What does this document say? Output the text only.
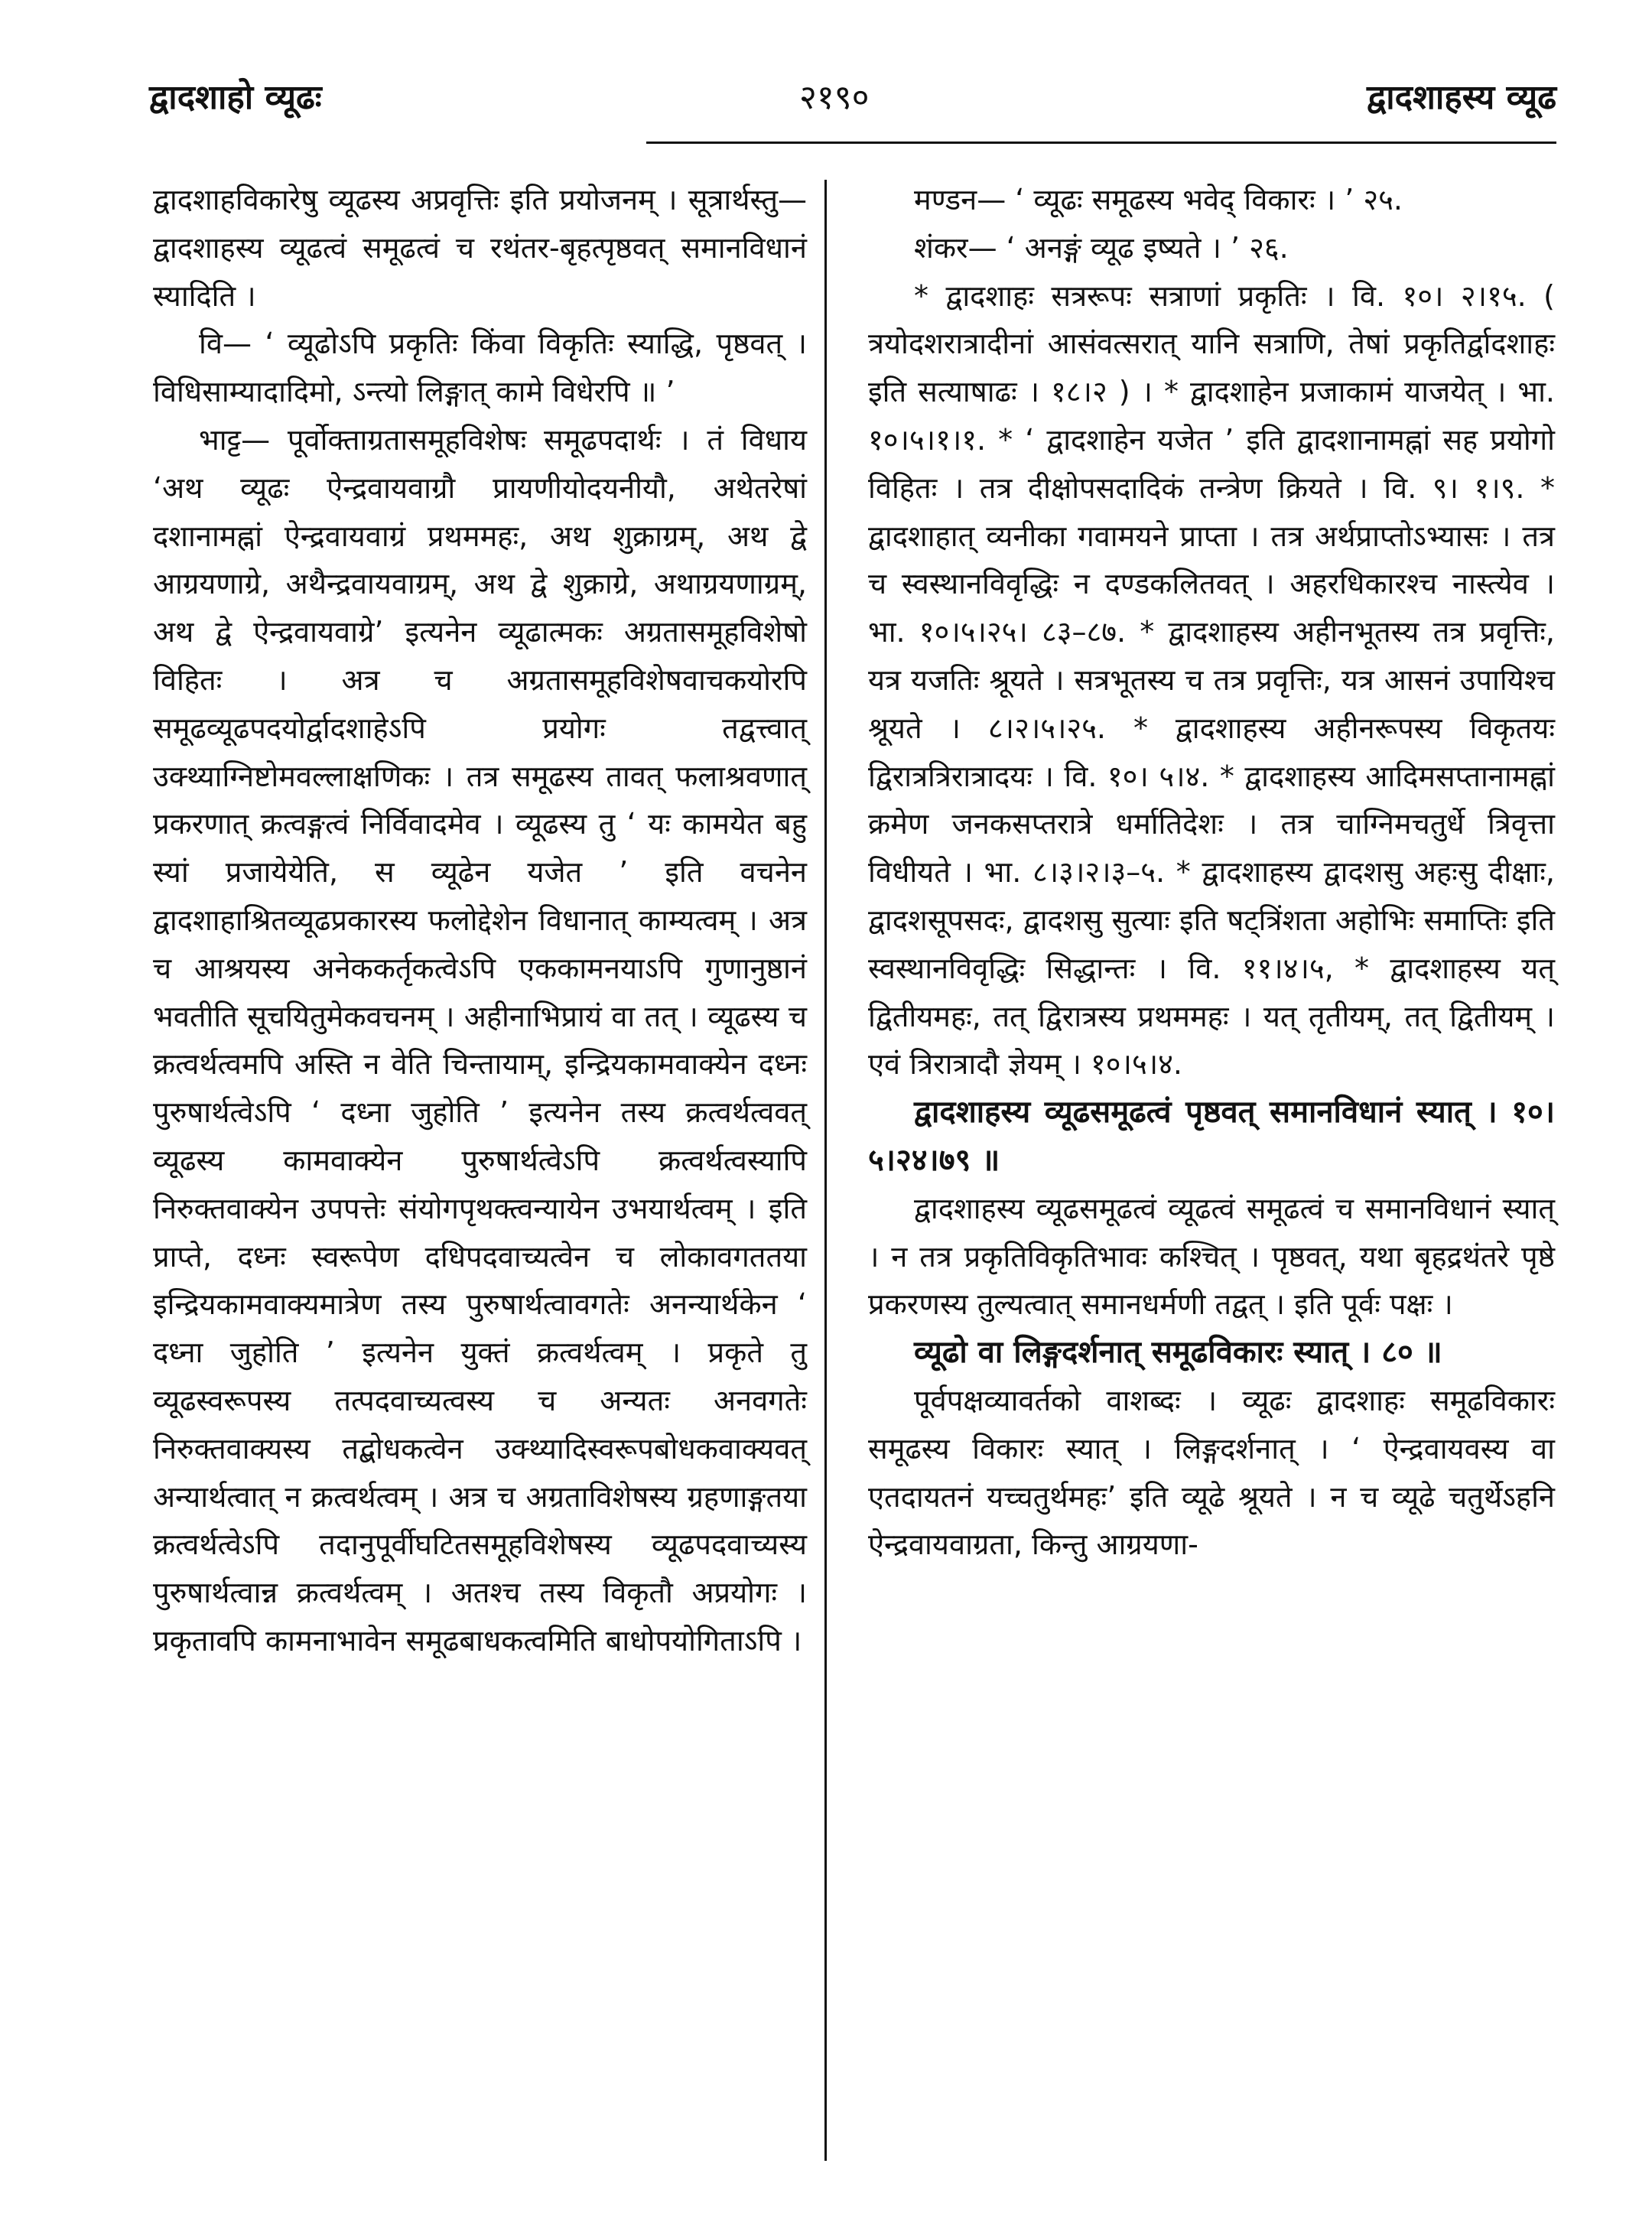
द्वादशाहो व्यूढः	२१९०	द्वादशाहस्य व्यूढ

द्वादशाहविकारेषु व्यूढस्य अप्रवृत्तिः इति प्रयोजनम् । सूत्रार्थस्तु— द्वादशाहस्य व्यूढत्वं समूढत्वं च रथंतर-बृहत्पृष्ठवत् समानविधानं स्यादिति ।

वि— ‘ व्यूढोऽपि प्रकृतिः किंवा विकृतिः स्याद्धि, पृष्ठवत् । विधिसाम्यादादिमो, ऽन्त्यो लिङ्गात् कामे विधेरपि ॥ ’

भाट्ट— पूर्वोक्ताग्रतासमूहविशेषः समूढपदार्थः । तं विधाय ‘अथ व्यूढः ऐन्द्रवायवाग्रौ प्रायणीयोदयनीयौ, अथेतरेषां दशानामह्नां ऐन्द्रवायवाग्रं प्रथममहः, अथ शुक्राग्रम्, अथ द्वे आग्रयणाग्रे, अथैन्द्रवायवाग्रम्, अथ द्वे शुक्राग्रे, अथाग्रयणाग्रम्, अथ द्वे ऐन्द्रवायवाग्रे’ इत्यनेन व्यूढात्मकः अग्रतासमूहविशेषो विहितः । अत्र च अग्रतासमूहविशेषवाचकयोरपि समूढव्यूढपदयोर्द्वादशाहेऽपि प्रयोगः तद्वत्त्वात् उक्थ्याग्निष्टोमवल्लाक्षणिकः । तत्र समूढस्य तावत् फलाश्रवणात् प्रकरणात् क्रत्वङ्गत्वं निर्विवादमेव । व्यूढस्य तु ‘ यः कामयेत बहु स्यां प्रजायेयेति, स व्यूढेन यजेत ’ इति वचनेन द्वादशाहाश्रितव्यूढप्रकारस्य फलोद्देशेन विधानात् काम्यत्वम् । अत्र च आश्रयस्य अनेककर्तृकत्वेऽपि एककामनयाऽपि गुणानुष्ठानं भवतीति सूचयितुमेकवचनम् । अहीनाभिप्रायं वा तत् । व्यूढस्य च क्रत्वर्थत्वमपि अस्ति न वेति चिन्तायाम्, इन्द्रियकामवाक्येन दध्नः पुरुषार्थत्वेऽपि ‘ दध्ना जुहोति ’ इत्यनेन तस्य क्रत्वर्थत्ववत् व्यूढस्य कामवाक्येन पुरुषार्थत्वेऽपि क्रत्वर्थत्वस्यापि निरुक्तवाक्येन उपपत्तेः संयोगपृथक्त्वन्यायेन उभयार्थत्वम् । इति प्राप्ते, दध्नः स्वरूपेण दधिपदवाच्यत्वेन च लोकावगततया इन्द्रियकामवाक्यमात्रेण तस्य पुरुषार्थत्वावगतेः अनन्यार्थकेन ‘ दध्ना जुहोति ’ इत्यनेन युक्तं क्रत्वर्थत्वम् । प्रकृते तु व्यूढस्वरूपस्य तत्पदवाच्यत्वस्य च अन्यतः अनवगतेः निरुक्तवाक्यस्य तद्बोधकत्वेन उक्थ्यादिस्वरूपबोधकवाक्यवत् अन्यार्थत्वात् न क्रत्वर्थत्वम् । अत्र च अग्रताविशेषस्य ग्रहणाङ्गतया क्रत्वर्थत्वेऽपि तदानुपूर्वीघटितसमूहविशेषस्य व्यूढपदवाच्यस्य पुरुषार्थत्वान्न क्रत्वर्थत्वम् । अतश्च तस्य विकृतौ अप्रयोगः । प्रकृतावपि कामनाभावेन समूढबाधकत्वमिति बाधोपयोगिताऽपि ।

मण्डन— ‘ व्यूढः समूढस्य भवेद् विकारः । ’ २५.

शंकर— ‘ अनङ्गं व्यूढ इष्यते । ’ २६.

* द्वादशाहः सत्ररूपः सत्राणां प्रकृतिः । वि. १०। २।१५. ( त्रयोदशरात्रादीनां आसंवत्सरात् यानि सत्राणि, तेषां प्रकृतिर्द्वादशाहः इति सत्याषाढः । १८।२ ) । * द्वादशाहेन प्रजाकामं याजयेत् । भा. १०।५।१।१. * ‘ द्वादशाहेन यजेत ’ इति द्वादशानामह्नां सह प्रयोगो विहितः । तत्र दीक्षोपसदादिकं तन्त्रेण क्रियते । वि. ९। १।९. * द्वादशाहात् व्यनीका गवामयने प्राप्ता । तत्र अर्थप्राप्तोऽभ्यासः । तत्र च स्वस्थानविवृद्धिः न दण्डकलितवत् । अहरधिकारश्च नास्त्येव । भा. १०।५।२५। ८३–८७. * द्वादशाहस्य अहीनभूतस्य तत्र प्रवृत्तिः, यत्र यजतिः श्रूयते । सत्रभूतस्य च तत्र प्रवृत्तिः, यत्र आसनं उपायिश्च श्रूयते । ८।२।५।२५. * द्वादशाहस्य अहीनरूपस्य विकृतयः द्विरात्रत्रिरात्रादयः । वि. १०। ५।४. * द्वादशाहस्य आदिमसप्तानामह्नां क्रमेण जनकसप्तरात्रे धर्मातिदेशः । तत्र चाग्निमचतुर्धे त्रिवृत्ता विधीयते । भा. ८।३।२।३–५. * द्वादशाहस्य द्वादशसु अहःसु दीक्षाः, द्वादशसूपसदः, द्वादशसु सुत्याः इति षट्त्रिंशता अहोभिः समाप्तिः इति स्वस्थानविवृद्धिः सिद्धान्तः । वि. ११।४।५, * द्वादशाहस्य यत् द्वितीयमहः, तत् द्विरात्रस्य प्रथममहः । यत् तृतीयम्, तत् द्वितीयम् । एवं त्रिरात्रादौ ज्ञेयम् । १०।५।४.

द्वादशाहस्य व्यूढसमूढत्वं पृष्ठवत् समानविधानं स्यात् । १०।५।२४।७९ ॥

द्वादशाहस्य व्यूढसमूढत्वं व्यूढत्वं समूढत्वं च समानविधानं स्यात् । न तत्र प्रकृतिविकृतिभावः कश्चित् । पृष्ठवत्, यथा बृहद्रथंतरे पृष्ठे प्रकरणस्य तुल्यत्वात् समानधर्मणी तद्वत् । इति पूर्वः पक्षः ।

व्यूढो वा लिङ्गदर्शनात् समूढविकारः स्यात् । ८० ॥

पूर्वपक्षव्यावर्तको वाशब्दः । व्यूढः द्वादशाहः समूढविकारः समूढस्य विकारः स्यात् । लिङ्गदर्शनात् । ‘ ऐन्द्रवायवस्य वा एतदायतनं यच्चतुर्थमहः’ इति व्यूढे श्रूयते । न च व्यूढे चतुर्थेऽहनि ऐन्द्रवायवाग्रता, किन्तु आग्रयणा-
